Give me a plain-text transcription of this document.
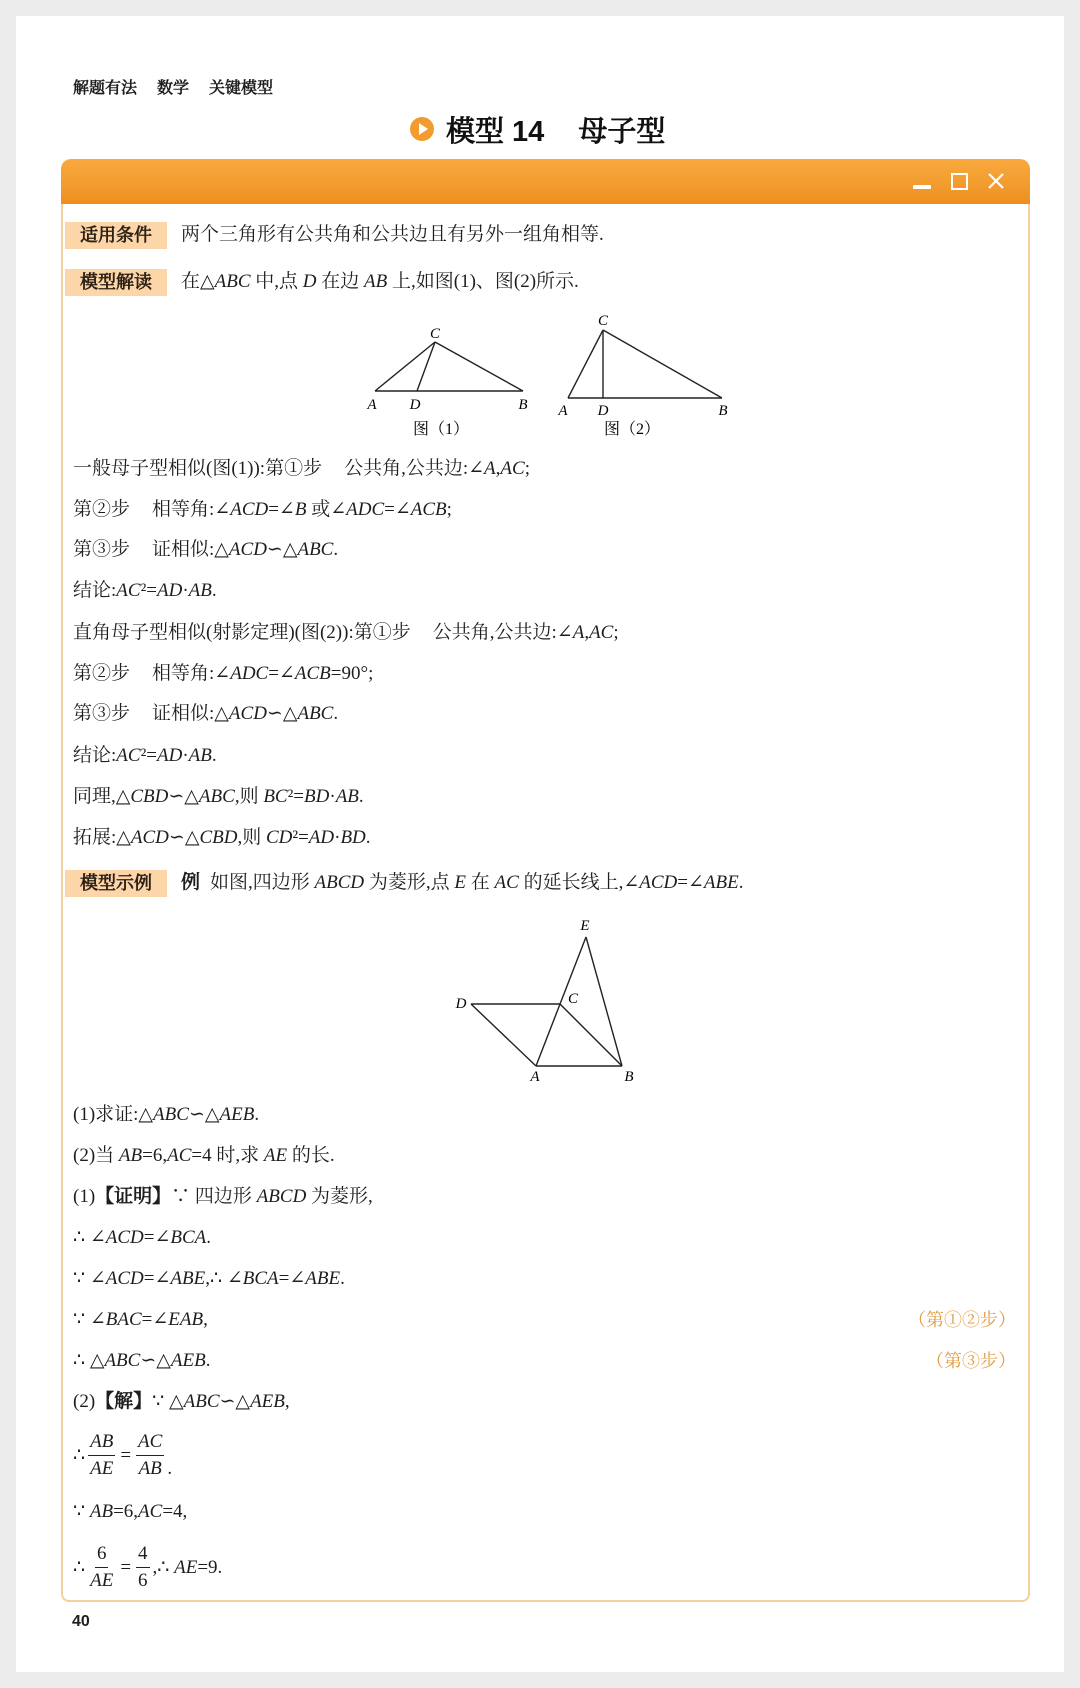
解题有法 数学 关键模型
模型 14 母子型
适用条件	两个三角形有公共角和公共边且有另外一组角相等.
模型解读	在△ABC 中,点 D 在边 AB 上,如图(1)、图(2)所示.
A D	B
C
图（1）
A D	B
C
图（2）
一般母子型相似(图(1)):第①步 公共角,公共边:∠A,AC;
第②步 相等角:∠ACD=∠B 或∠ADC=∠ACB;
第③步 证相似:△ACD∽△ABC.
结论:AC²=AD·AB.
直角母子型相似(射影定理)(图(2)):第①步 公共角,公共边:∠A,AC;
第②步 相等角:∠ADC=∠ACB=90°;
第③步 证相似:△ACD∽△ABC.
结论:AC²=AD·AB.
同理,△CBD∽△ABC,则 BC²=BD·AB.
拓展:△ACD∽△CBD,则 CD²=AD·BD.
模型示例	例 如图,四边形 ABCD 为菱形,点 E 在 AC 的延长线上,∠ACD=∠ABE.
E
C
D
A	B
(1)求证:△ABC∽△AEB.
(2)当 AB=6,AC=4 时,求 AE 的长.
(1)【证明】∵ 四边形 ABCD 为菱形,
∴ ∠ACD=∠BCA.
∵ ∠ACD=∠ABE,∴ ∠BCA=∠ABE.
∵ ∠BAC=∠EAB,	（第①②步）
∴ △ABC∽△AEB.	（第③步）
(2)【解】∵ △ABC∽△AEB,
∴ $\frac{AB}{AE} = \frac{AC}{AB}$ .
∵ AB=6,AC=4,
∴ $\frac{6}{AE} = \frac{4}{6}$ ,∴ AE=9.
40
